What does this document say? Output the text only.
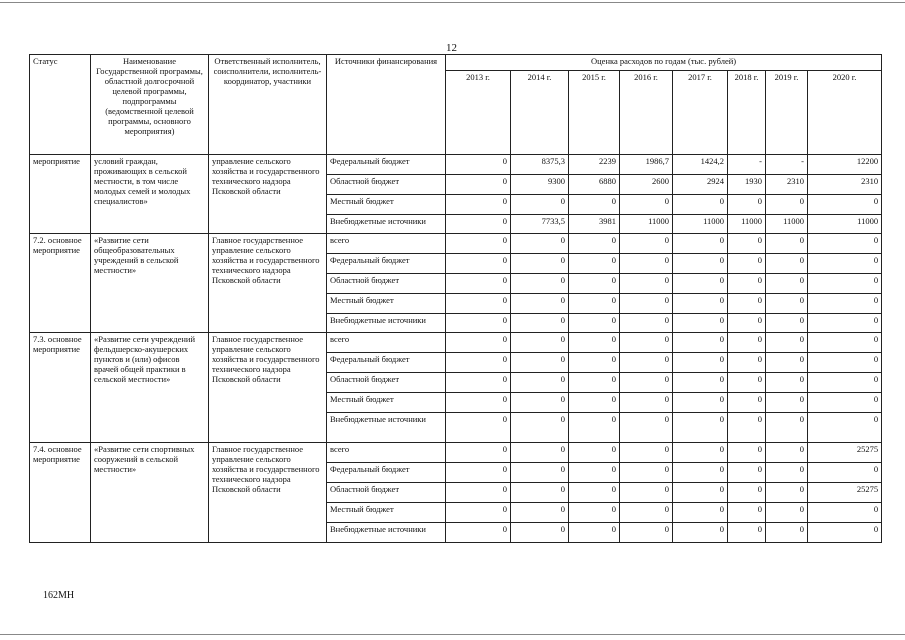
12
Статус	Наименование Государственной программы, областной долгосрочной целевой программы, подпрограммы (ведомственной целевой программы, основного мероприятия)	Ответственный исполнитель, соисполнители, исполнитель-координатор, участники	Источники финансирования	Оценка расходов по годам (тыс. рублей)							
				2013 г.	2014 г.	2015 г.	2016 г.	2017 г.	2018 г.	2019 г.	2020 г.
мероприятие	условий граждан, проживающих в сельской местности, в том числе молодых семей и молодых специалистов»	управление сельского хозяйства и государственного технического надзора Псковской области	Федеральный бюджет	0	8375,3	2239	1986,7	1424,2	-	-	12200
			Областной бюджет	0	9300	6880	2600	2924	1930	2310	2310
			Местный бюджет	0	0	0	0	0	0	0	0
			Внебюджетные источники	0	7733,5	3981	11000	11000	11000	11000	11000
7.2. основное мероприятие	«Развитие сети общеобразовательных учреждений в сельской местности»	Главное государственное управление сельского хозяйства и государственного технического надзора Псковской области	всего	0	0	0	0	0	0	0	0
			Федеральный бюджет	0	0	0	0	0	0	0	0
			Областной бюджет	0	0	0	0	0	0	0	0
			Местный бюджет	0	0	0	0	0	0	0	0
			Внебюджетные источники	0	0	0	0	0	0	0	0
7.3. основное мероприятие	«Развитие сети учреждений фельдшерско-акушерских пунктов и (или) офисов врачей общей практики в сельской местности»	Главное государственное управление сельского хозяйства и государственного технического надзора Псковской области	всего	0	0	0	0	0	0	0	0
			Федеральный бюджет	0	0	0	0	0	0	0	0
			Областной бюджет	0	0	0	0	0	0	0	0
			Местный бюджет	0	0	0	0	0	0	0	0
			Внебюджетные источники	0	0	0	0	0	0	0	0
7.4. основное мероприятие	«Развитие сети спортивных сооружений в сельской местности»	Главное государственное управление сельского хозяйства и государственного технического надзора Псковской области	всего	0	0	0	0	0	0	0	25275
			Федеральный бюджет	0	0	0	0	0	0	0	0
			Областной бюджет	0	0	0	0	0	0	0	25275
			Местный бюджет	0	0	0	0	0	0	0	0
			Внебюджетные источники	0	0	0	0	0	0	0	0
162МН
